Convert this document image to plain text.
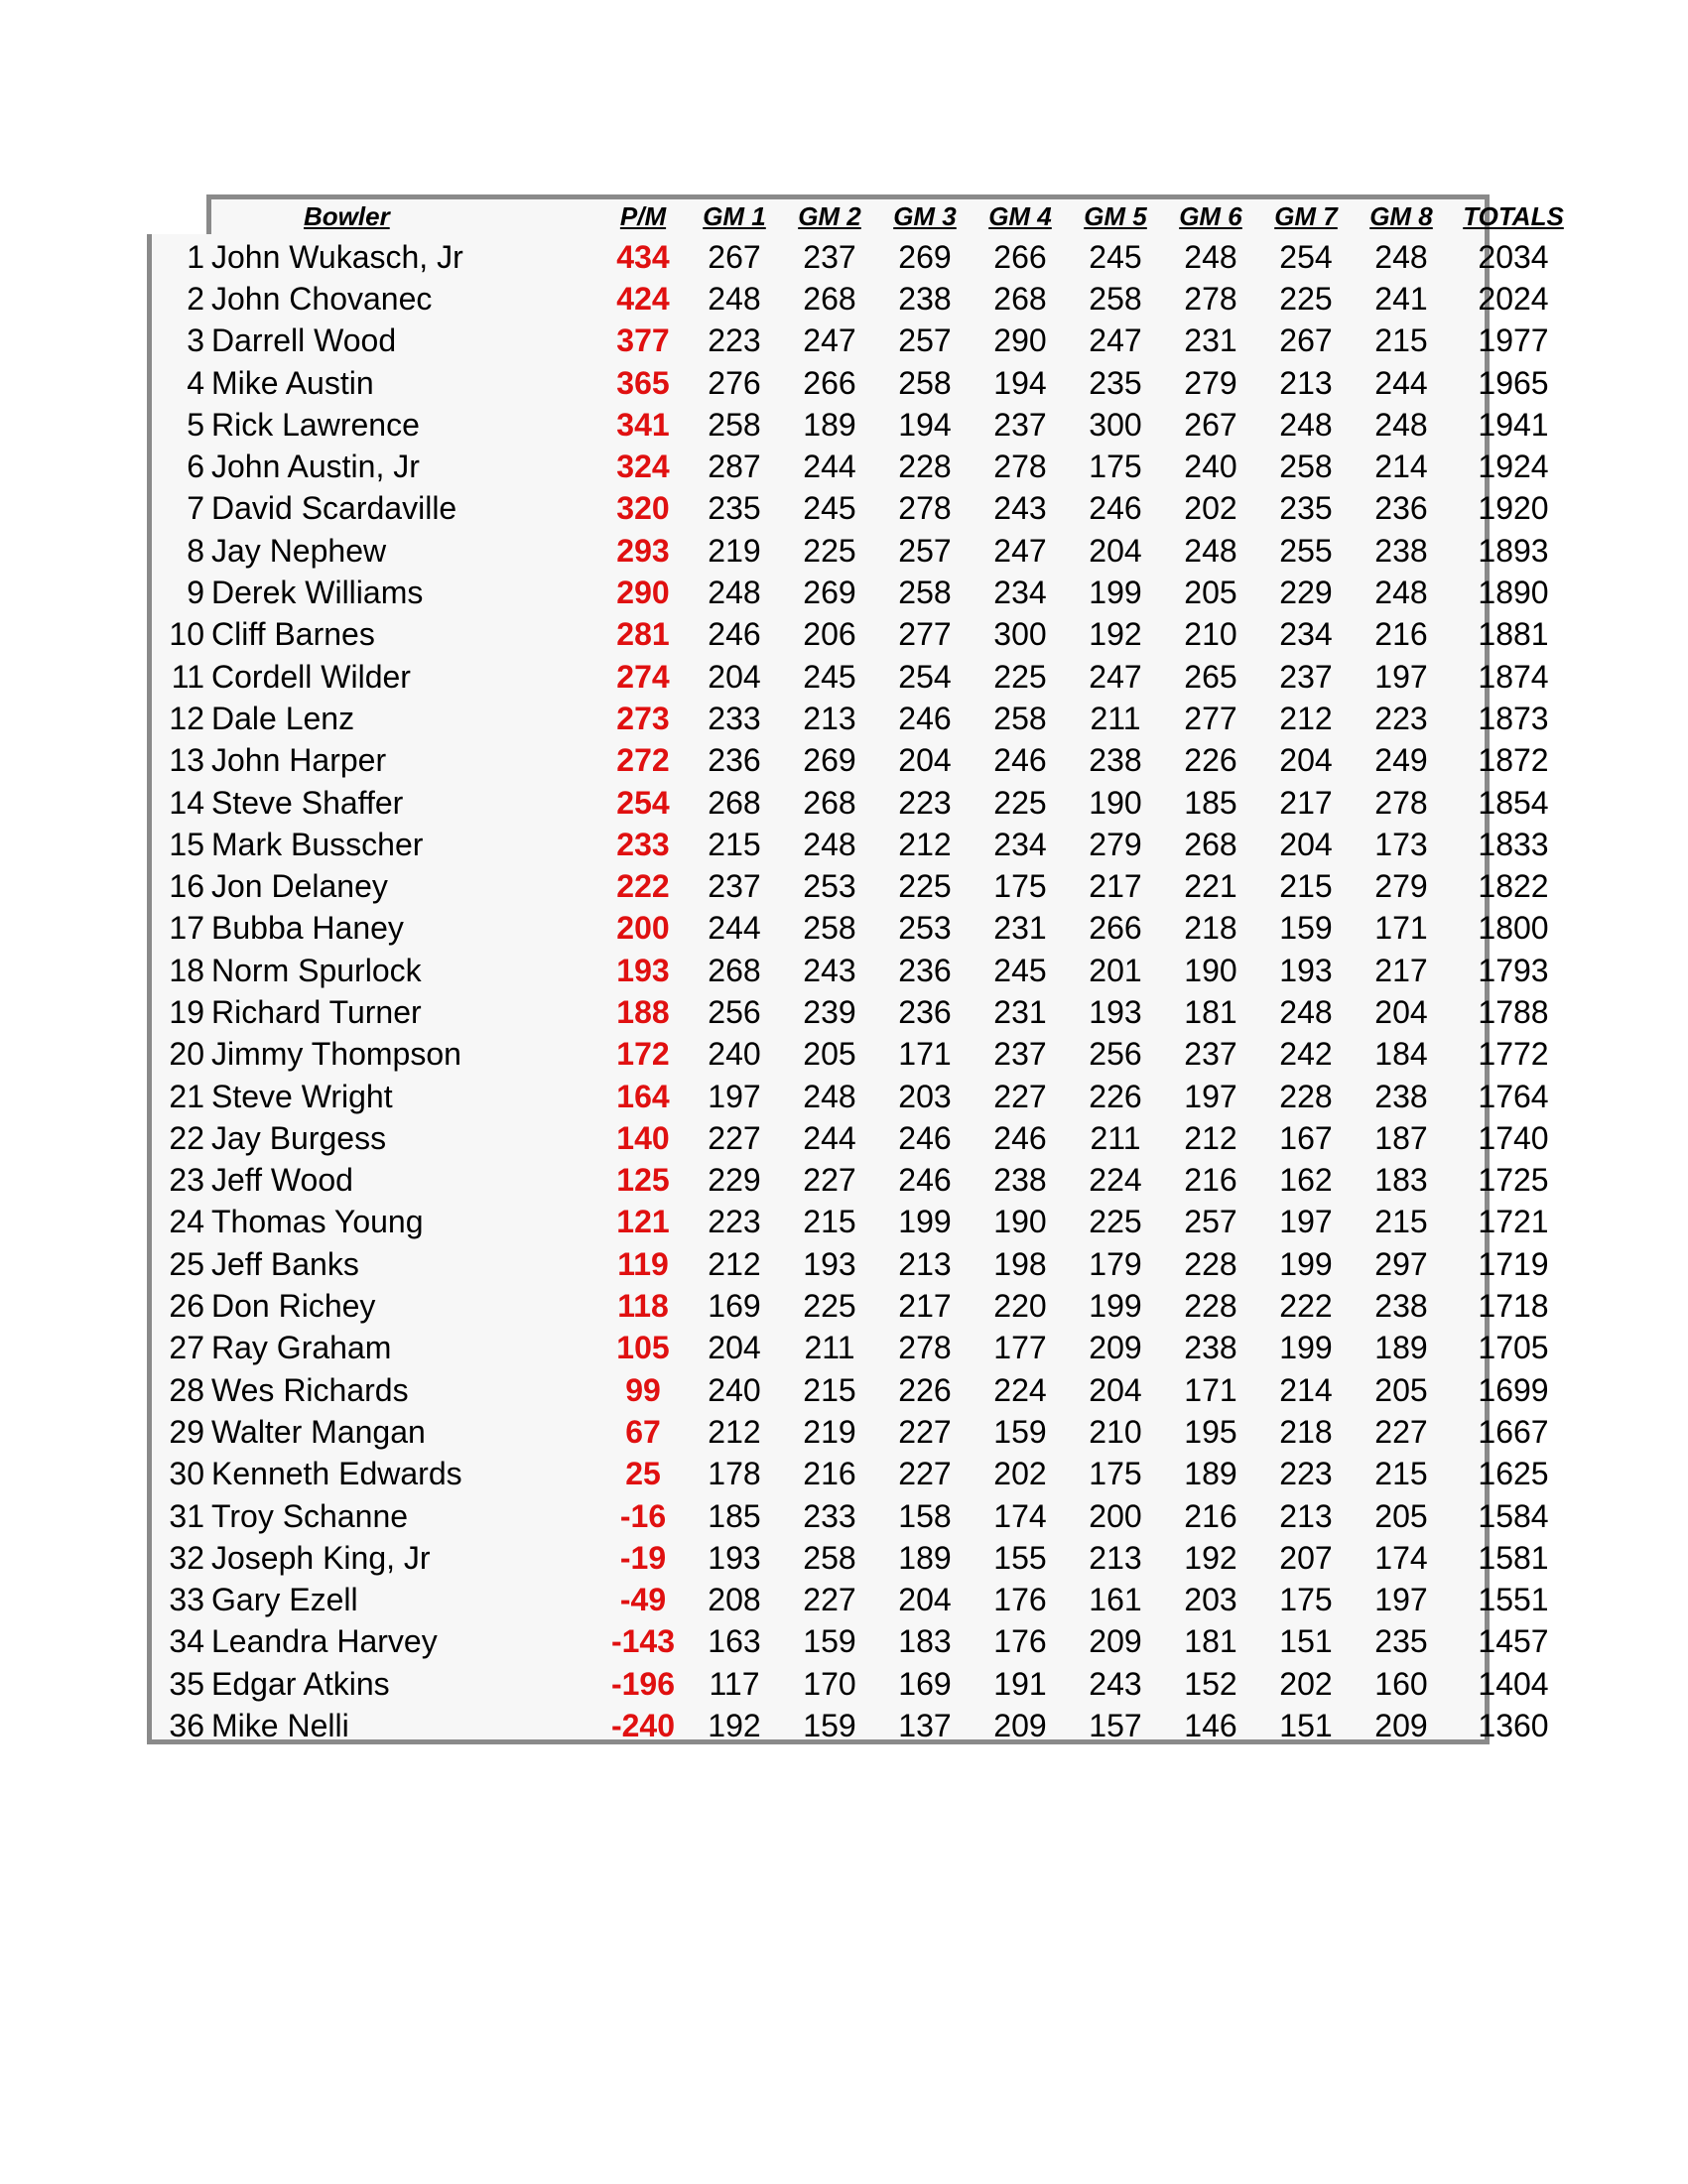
	Bowler	P/M	GM 1	GM 2	GM 3	GM 4	GM 5	GM 6	GM 7	GM 8	TOTALS
1	John Wukasch, Jr	434	267	237	269	266	245	248	254	248	2034
2	John Chovanec	424	248	268	238	268	258	278	225	241	2024
3	Darrell Wood	377	223	247	257	290	247	231	267	215	1977
4	Mike Austin	365	276	266	258	194	235	279	213	244	1965
5	Rick Lawrence	341	258	189	194	237	300	267	248	248	1941
6	John Austin, Jr	324	287	244	228	278	175	240	258	214	1924
7	David Scardaville	320	235	245	278	243	246	202	235	236	1920
8	Jay Nephew	293	219	225	257	247	204	248	255	238	1893
9	Derek Williams	290	248	269	258	234	199	205	229	248	1890
10	Cliff Barnes	281	246	206	277	300	192	210	234	216	1881
11	Cordell Wilder	274	204	245	254	225	247	265	237	197	1874
12	Dale Lenz	273	233	213	246	258	211	277	212	223	1873
13	John Harper	272	236	269	204	246	238	226	204	249	1872
14	Steve Shaffer	254	268	268	223	225	190	185	217	278	1854
15	Mark Busscher	233	215	248	212	234	279	268	204	173	1833
16	Jon Delaney	222	237	253	225	175	217	221	215	279	1822
17	Bubba Haney	200	244	258	253	231	266	218	159	171	1800
18	Norm Spurlock	193	268	243	236	245	201	190	193	217	1793
19	Richard Turner	188	256	239	236	231	193	181	248	204	1788
20	Jimmy Thompson	172	240	205	171	237	256	237	242	184	1772
21	Steve Wright	164	197	248	203	227	226	197	228	238	1764
22	Jay Burgess	140	227	244	246	246	211	212	167	187	1740
23	Jeff Wood	125	229	227	246	238	224	216	162	183	1725
24	Thomas Young	121	223	215	199	190	225	257	197	215	1721
25	Jeff Banks	119	212	193	213	198	179	228	199	297	1719
26	Don Richey	118	169	225	217	220	199	228	222	238	1718
27	Ray Graham	105	204	211	278	177	209	238	199	189	1705
28	Wes Richards	99	240	215	226	224	204	171	214	205	1699
29	Walter Mangan	67	212	219	227	159	210	195	218	227	1667
30	Kenneth Edwards	25	178	216	227	202	175	189	223	215	1625
31	Troy Schanne	-16	185	233	158	174	200	216	213	205	1584
32	Joseph King, Jr	-19	193	258	189	155	213	192	207	174	1581
33	Gary Ezell	-49	208	227	204	176	161	203	175	197	1551
34	Leandra Harvey	-143	163	159	183	176	209	181	151	235	1457
35	Edgar Atkins	-196	117	170	169	191	243	152	202	160	1404
36	Mike Nelli	-240	192	159	137	209	157	146	151	209	1360
